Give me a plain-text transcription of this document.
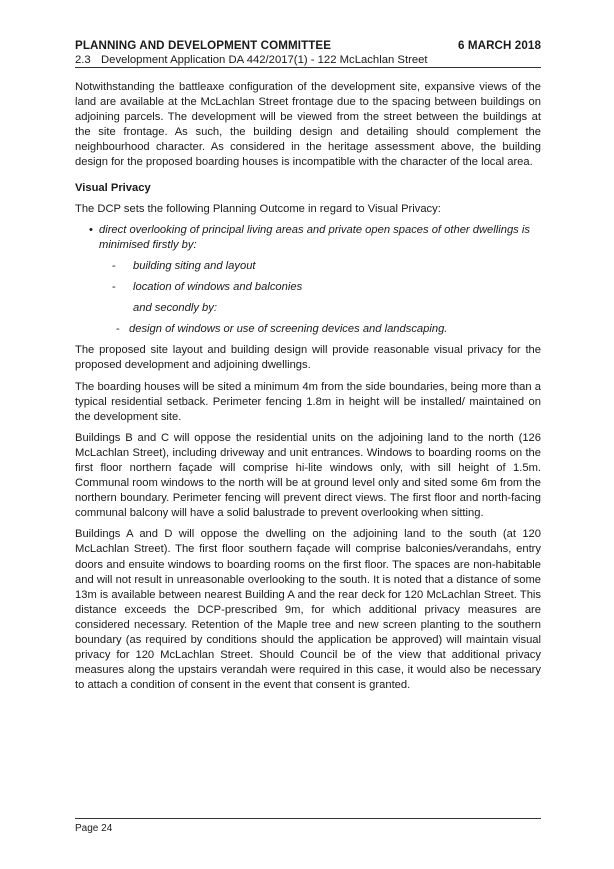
PLANNING AND DEVELOPMENT COMMITTEE	6 MARCH 2018
2.3 Development Application DA 442/2017(1) - 122 McLachlan Street

Notwithstanding the battleaxe configuration of the development site, expansive views of the land are available at the McLachlan Street frontage due to the spacing between buildings on adjoining parcels. The development will be viewed from the street between the buildings at the site frontage. As such, the building design and detailing should complement the neighbourhood character. As considered in the heritage assessment above, the building design for the proposed boarding houses is incompatible with the character of the local area.

Visual Privacy

The DCP sets the following Planning Outcome in regard to Visual Privacy:

• direct overlooking of principal living areas and private open spaces of other dwellings is minimised firstly by:
-	building siting and layout
-	location of windows and balconies
and secondly by:
- design of windows or use of screening devices and landscaping.

The proposed site layout and building design will provide reasonable visual privacy for the proposed development and adjoining dwellings.

The boarding houses will be sited a minimum 4m from the side boundaries, being more than a typical residential setback. Perimeter fencing 1.8m in height will be installed/ maintained on the development site.

Buildings B and C will oppose the residential units on the adjoining land to the north (126 McLachlan Street), including driveway and unit entrances. Windows to boarding rooms on the first floor northern façade will comprise hi-lite windows only, with sill height of 1.5m. Communal room windows to the north will be at ground level only and sited some 6m from the northern boundary. Perimeter fencing will prevent direct views. The first floor and north-facing communal balcony will have a solid balustrade to prevent overlooking when sitting.

Buildings A and D will oppose the dwelling on the adjoining land to the south (at 120 McLachlan Street). The first floor southern façade will comprise balconies/verandahs, entry doors and ensuite windows to boarding rooms on the first floor. The spaces are non-habitable and will not result in unreasonable overlooking to the south. It is noted that a distance of some 13m is available between nearest Building A and the rear deck for 120 McLachlan Street. This distance exceeds the DCP-prescribed 9m, for which additional privacy measures are considered necessary. Retention of the Maple tree and new screen planting to the southern boundary (as required by conditions should the application be approved) will maintain visual privacy for 120 McLachlan Street. Should Council be of the view that additional privacy measures along the upstairs verandah were required in this case, it would also be necessary to attach a condition of consent in the event that consent is granted.

Page 24
